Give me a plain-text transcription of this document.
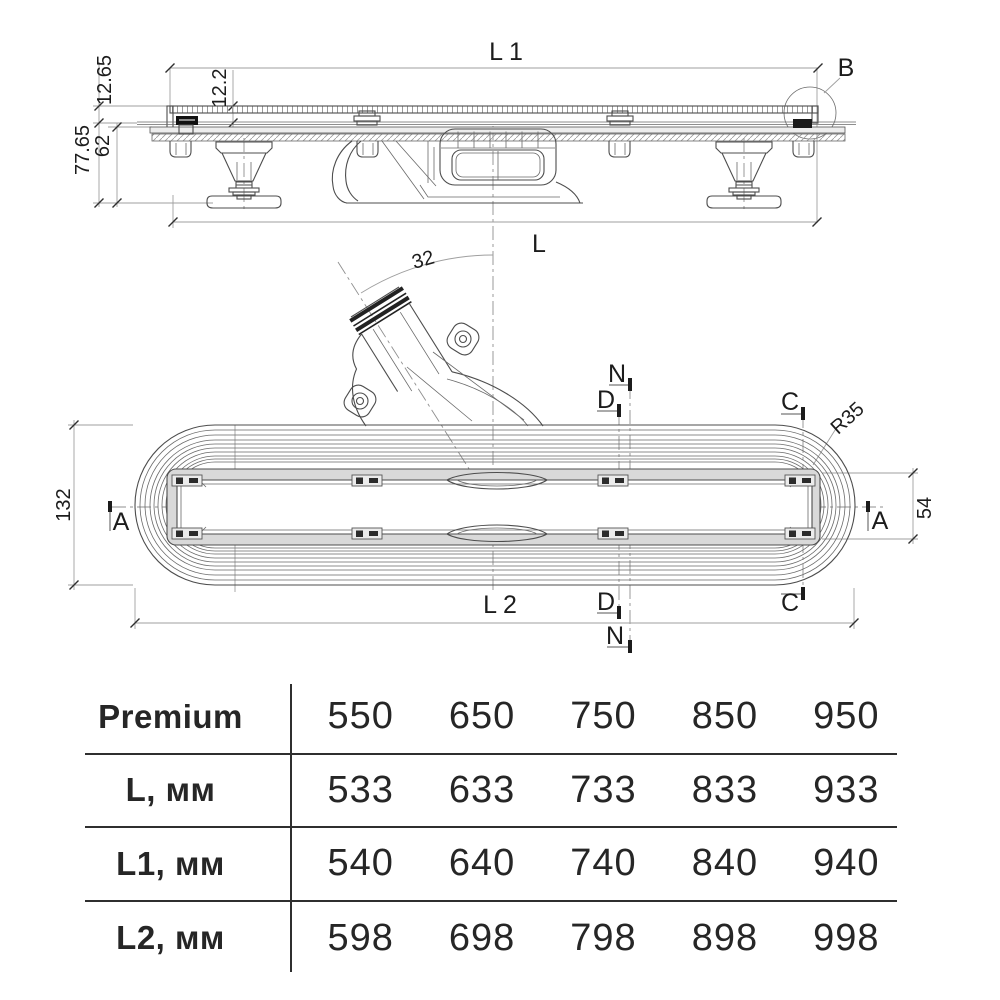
L 1
B
L
32
12.65
77.65
62
12.2
132	54
L 2
R35
A	A
C
C
D
D
N
N
Premium	550	650	750	850	950
L, мм	533	633	733	833	933
L1, мм	540	640	740	840	940
L2, мм	598	698	798	898	998
